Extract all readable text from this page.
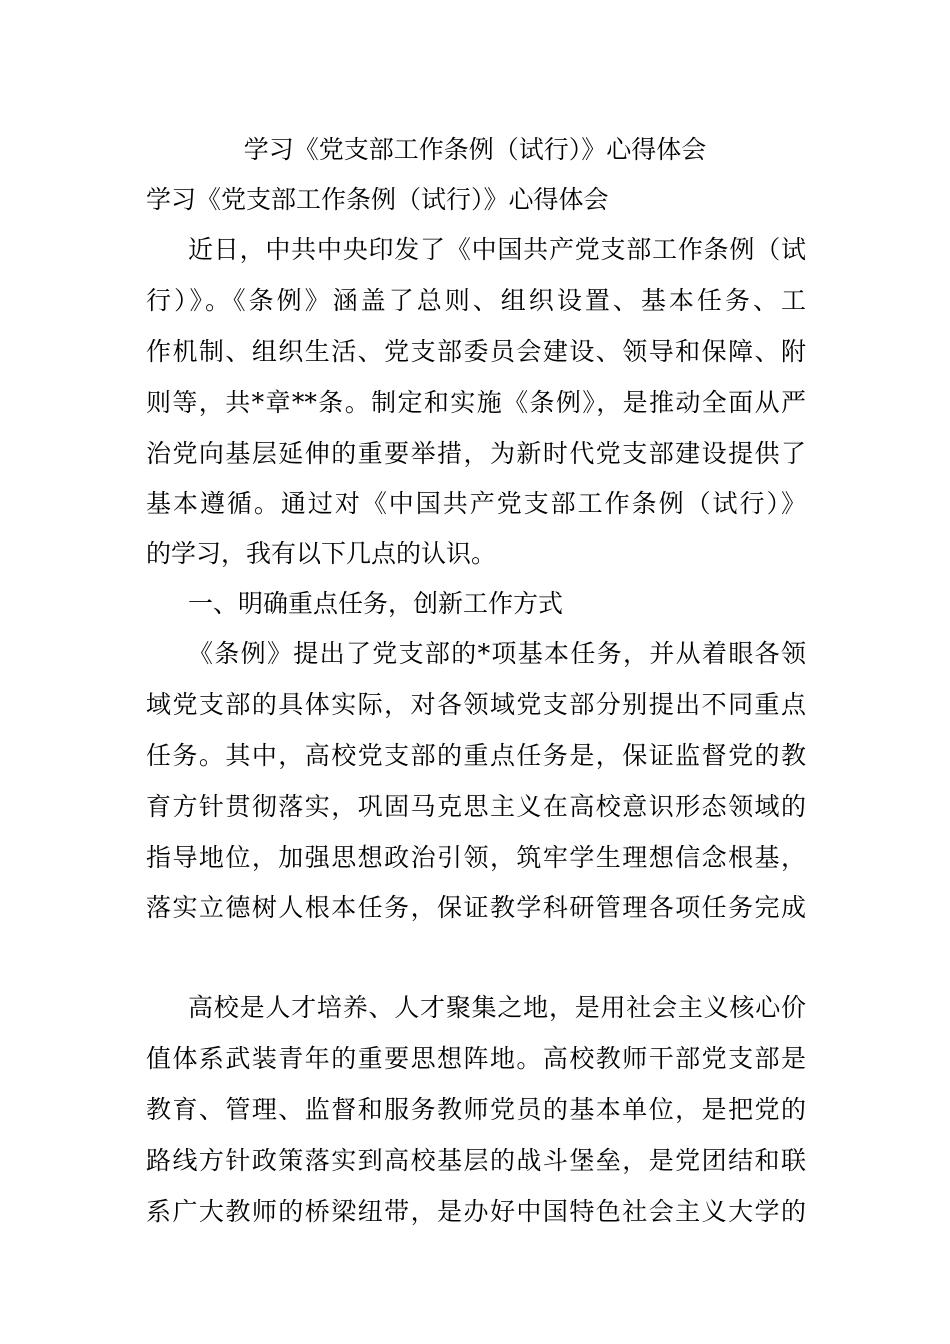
学习《党支部工作条例（试行）》心得体会
学习《党支部工作条例（试行）》心得体会
近日，中共中央印发了《中国共产党支部工作条例（试
行）》。《条例》涵盖了总则、组织设置、基本任务、工
作机制、组织生活、党支部委员会建设、领导和保障、附
则等，共*章**条。制定和实施《条例》，是推动全面从严
治党向基层延伸的重要举措，为新时代党支部建设提供了
基本遵循。通过对《中国共产党支部工作条例（试行）》
的学习，我有以下几点的认识。
一、明确重点任务，创新工作方式
《条例》提出了党支部的*项基本任务，并从着眼各领
域党支部的具体实际，对各领域党支部分别提出不同重点
任务。其中，高校党支部的重点任务是，保证监督党的教
育方针贯彻落实，巩固马克思主义在高校意识形态领域的
指导地位，加强思想政治引领，筑牢学生理想信念根基，
落实立德树人根本任务，保证教学科研管理各项任务完成
高校是人才培养、人才聚集之地，是用社会主义核心价
值体系武装青年的重要思想阵地。高校教师干部党支部是
教育、管理、监督和服务教师党员的基本单位，是把党的
路线方针政策落实到高校基层的战斗堡垒，是党团结和联
系广大教师的桥梁纽带，是办好中国特色社会主义大学的
